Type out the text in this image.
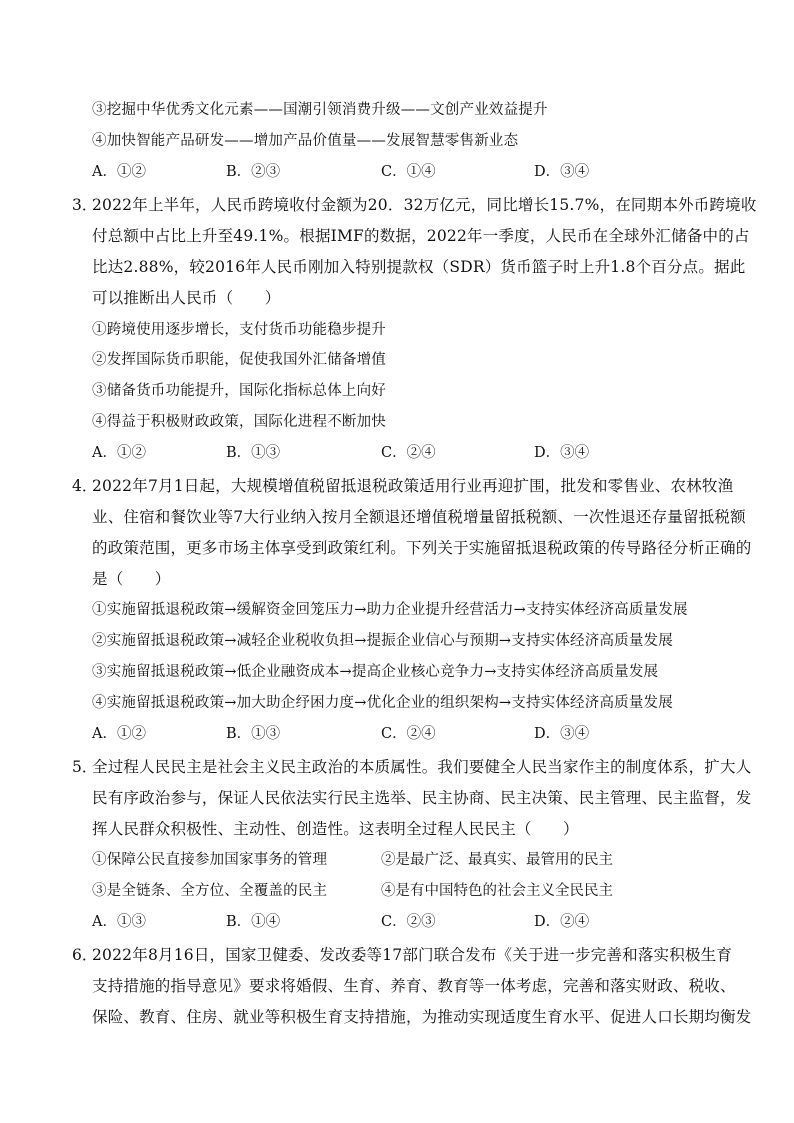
③挖掘中华优秀文化元素——国潮引领消费升级——文创产业效益提升
④加快智能产品研发——增加产品价值量——发展智慧零售新业态
A．①②	B．②③	C．①④	D．③④
3．
2022年上半年，人民币跨境收付金额为20．32万亿元，同比增长15.7%，在同期本外币跨境收
付总额中占比上升至49.1%。根据IMF的数据，2022年一季度，人民币在全球外汇储备中的占
比达2.88%，较2016年人民币刚加入特别提款权（SDR）货币篮子时上升1.8个百分点。据此
可以推断出人民币（　　）
①跨境使用逐步增长，支付货币功能稳步提升
②发挥国际货币职能，促使我国外汇储备增值
③储备货币功能提升，国际化指标总体上向好
④得益于积极财政政策，国际化进程不断加快
A．①②	B．①③	C．②④	D．③④
4．
2022年7月1日起，大规模增值税留抵退税政策适用行业再迎扩围，批发和零售业、农林牧渔
业、住宿和餐饮业等7大行业纳入按月全额退还增值税增量留抵税额、一次性退还存量留抵税额
的政策范围，更多市场主体享受到政策红利。下列关于实施留抵退税政策的传导路径分析正确的
是（　　）
①实施留抵退税政策→缓解资金回笼压力→助力企业提升经营活力→支持实体经济高质量发展
②实施留抵退税政策→减轻企业税收负担→提振企业信心与预期→支持实体经济高质量发展
③实施留抵退税政策→低企业融资成本→提高企业核心竞争力→支持实体经济高质量发展
④实施留抵退税政策→加大助企纾困力度→优化企业的组织架构→支持实体经济高质量发展
A．①②	B．①③	C．②④	D．③④
5．
全过程人民民主是社会主义民主政治的本质属性。我们要健全人民当家作主的制度体系，扩大人
民有序政治参与，保证人民依法实行民主选举、民主协商、民主决策、民主管理、民主监督，发
挥人民群众积极性、主动性、创造性。这表明全过程人民民主（　　）
①保障公民直接参加国家事务的管理	②是最广泛、最真实、最管用的民主
③是全链条、全方位、全覆盖的民主	④是有中国特色的社会主义全民民主
A．①③	B．①④	C．②③	D．②④
6．
2022年8月16日，国家卫健委、发改委等17部门联合发布《关于进一步完善和落实积极生育
支持措施的指导意见》要求将婚假、生育、养育、教育等一体考虑，完善和落实财政、税收、
保险、教育、住房、就业等积极生育支持措施，为推动实现适度生育水平、促进人口长期均衡发
